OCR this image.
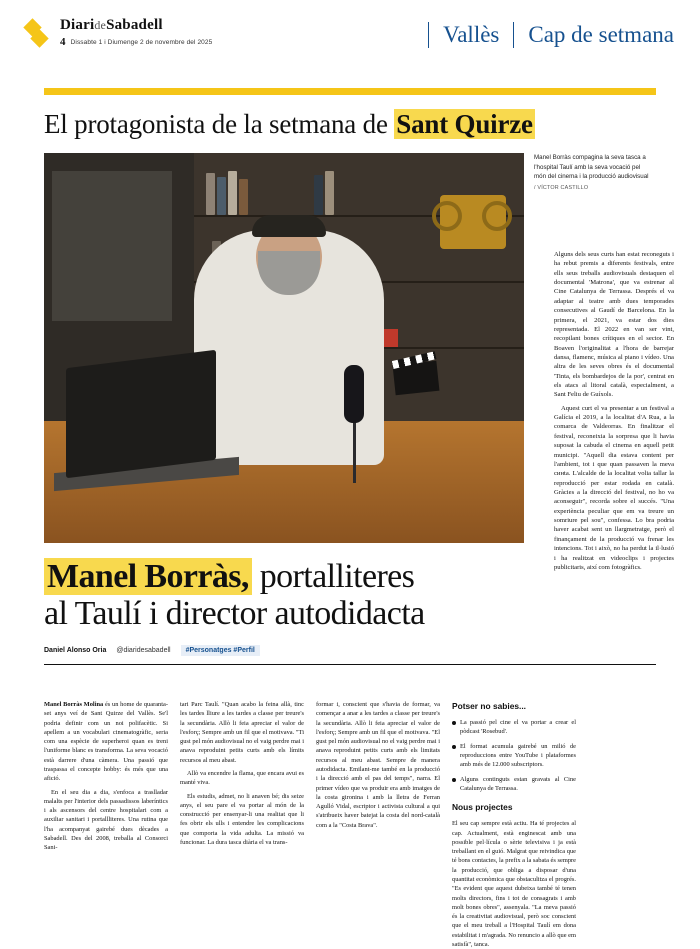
DiarideSabadell
4 Dissabte 1 i Diumenge 2 de novembre del 2025	Vallès Cap de setmana
El protagonista de la setmana de Sant Quirze
Manel Borràs compagina la seva tasca a l'hospital Taulí amb la seva vocació pel món del cinema i la producció audiovisual
/ VÍCTOR CASTILLO

Alguns dels seus curts han estat reconeguts i ha rebut premis a diferents festivals, entre ells seus treballs audiovisuals destaquen el documental 'Matrona', que va estrenar al Cine Catalunya de Terrassa. Després el va adaptar al teatre amb dues temporades consecutives al Gaudí de Barcelona. En la primera, el 2021, va estar dos dies representada. El 2022 en van ser vint, recopilant bones crítiques en el sector. En Boaven l'originalitat a l'hora de barrejar dansa, flamenc, música al piano i vídeo. Una altra de les seves obres és el documental 'Tinta, els bombardejos de la por', centrat en els atacs al litoral català, especialment, a Sant Feliu de Guíxols.

Aquest curt el va presentar a un festival a Galícia el 2019, a la localitat d'A Rua, a la comarca de Valdeorras. En finalitzar el festival, reconeixia la sorpresa que li havia suposat la cabuda el cinema en aquell petit municipi. "Aquell dia estava content per l'ambient, tot i que quan passaven la meva cинta. L'alcalde de la localitat volia tallar la reproducció per estar rodada en català. Gràcies a la direcció del festival, no ho va aconseguir", recorda sobre el succés. "Una experiència peculiar que em va treure un somriure pel sou", confessa. Lo bra podria haver acabat sent un llargmetratge, però el finançament de la producció va frenar les intencions. Tot i això, no ha perdut la il·lusió i ha realitzat en videoclips i projectes publicitaris, així com fotogràfics.

Manel Borràs, portalliteres
al Taulí i director autodidacta
Daniel Alonso Oria @diaridesabadell	#Personatges #Perfil

Manel Borràs Molina és un home de quaranta-set anys veí de Sant Quirze del Vallès. Se'l podria definir com un noi polifacètic. Si apellem a un vocabulari cinematogràfic, seria com una espècie de superheroi quan es trenі l'uniforme blanc es transforma. La seva vocació està darrere d'una càmera. Una passió que traspassa el concepte hobby: és més que una afició.

En el seu dia a dia, s'enfoca a traslladar malalts per l'interior dels passadissos laberíntics i als ascensors del centre hospitalari com a auxiliar sanitari i portallliteres. Una rutina que l'ha acompanyat gairebé dues dècades a Sabadell. Des del 2008, treballa al Consorci Sani-

tari Parc Taulí. "Quan acabo la feina allà, tinc les tardes lliure a les tardes a classe per treure's la secundària. Allò li feia apreciar el valor de l'esforç; Sempre amb un fil que el motivava. "Ti gust pel món audiovisual no el vaig perdre mai i anava reproduint petits curts amb els límits recursos al meu abast.

Allò va encendre la flama, que encara avui es manté viva.

Els estudis, admet, no li anaven bé; dis seize anys, el seu pare el va portar al món de la construcció per ensenyar-li una realitat que li fes obrir els ulls i entendre les complicacions que comporta la vida adulta. La missió va funcionar. La dura tasca diària el va trans-

formar i, conscient que s'havia de formar, va començar a anar a les tardes a classe per treure's la secundària. Allò li feia apreciar el valor de l'esforç; Sempre amb un fil que el motivava. "El gust pel món audiovisual no el vaig perdre mai i anava reproduint petits curts amb els limitats recursos al meu abast. Sempre de manera autodidacta. Emilant-me també en la producció i la direcció amb el pas del temps", narra. El primer vídeo que va produir era amb imatges de la costa gironina i amb la lletra de Ferran Agulló Vidal, escriptor i activista cultural a qui s'atribueix haver batejat la costa del nord-català com a la "Costa Brava".

Potser no sabies...
La passió pel cine el va portar a crear el pòdcast 'Rosebud'.
El format acumula gairebé un milió de reproduccions entre YouTube i plataformes amb més de 12.000 subscriptors.
Alguns continguts estan gravats al Cine Catalunya de Terrassa.
Nous projectes

El seu cap sempre està actiu. Ha té projectes al cap. Actualment, està enginescat amb una possible pel·lícula o sèrie televisiva i ja està treballant en el guió. Malgrat que reivindica que té bons contactes, la prefix a la sabata és sempre la producció, que obliga a disposar d'una quantitat econòmica que obstaculitza el progrés. "Es evident que aquest dubeixa també té tenen molts directors, fins i tot de consagrats i amb molt bones obres", assenyala. "La meva passió és la creativitat audiovisual, però soc conscient que el meu treball a l'Hospital Taulí em dona estabilitat i m'agrada. No renuncio a allò que em satisfà", tanca.
